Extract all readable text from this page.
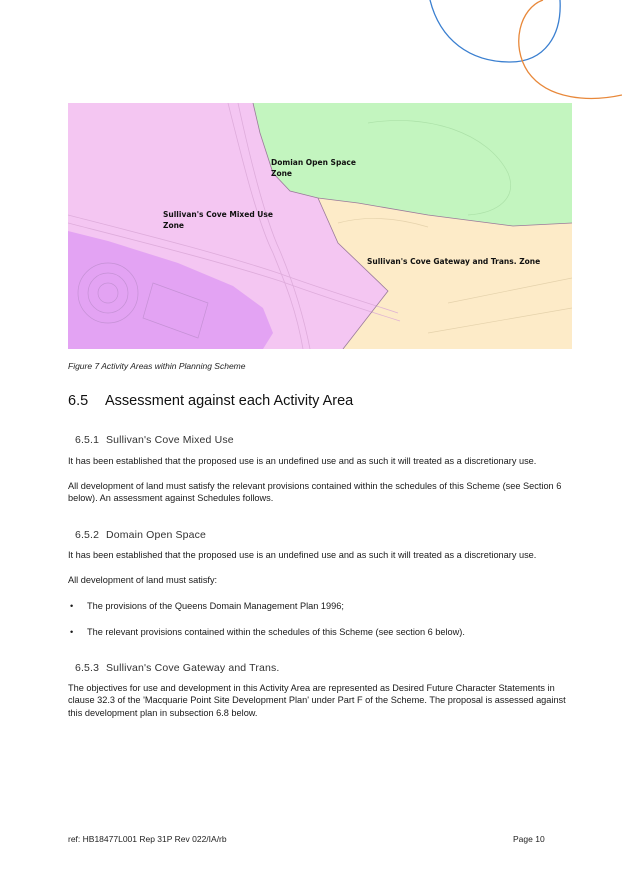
Domian Open Space
Zone
Sullivan's Cove Mixed Use
Zone
Sullivan's Cove Gateway and Trans. Zone
Figure 7 Activity Areas within Planning Scheme
6.5 Assessment against each Activity Area
6.5.1 Sullivan's Cove Mixed Use
It has been established that the proposed use is an undefined use and as such it will treated as a discretionary use.
All development of land must satisfy the relevant provisions contained within the schedules of this Scheme (see Section 6 below). An assessment against Schedules follows.
6.5.2 Domain Open Space
It has been established that the proposed use is an undefined use and as such it will treated as a discretionary use.
All development of land must satisfy:
• The provisions of the Queens Domain Management Plan 1996;
• The relevant provisions contained within the schedules of this Scheme (see section 6 below).
6.5.3 Sullivan's Cove Gateway and Trans.
The objectives for use and development in this Activity Area are represented as Desired Future Character Statements in clause 32.3 of the 'Macquarie Point Site Development Plan' under Part F of the Scheme. The proposal is assessed against this development plan in subsection 6.8 below.
ref: HB18477L001 Rep 31P Rev 022/IA/rb	Page 10
